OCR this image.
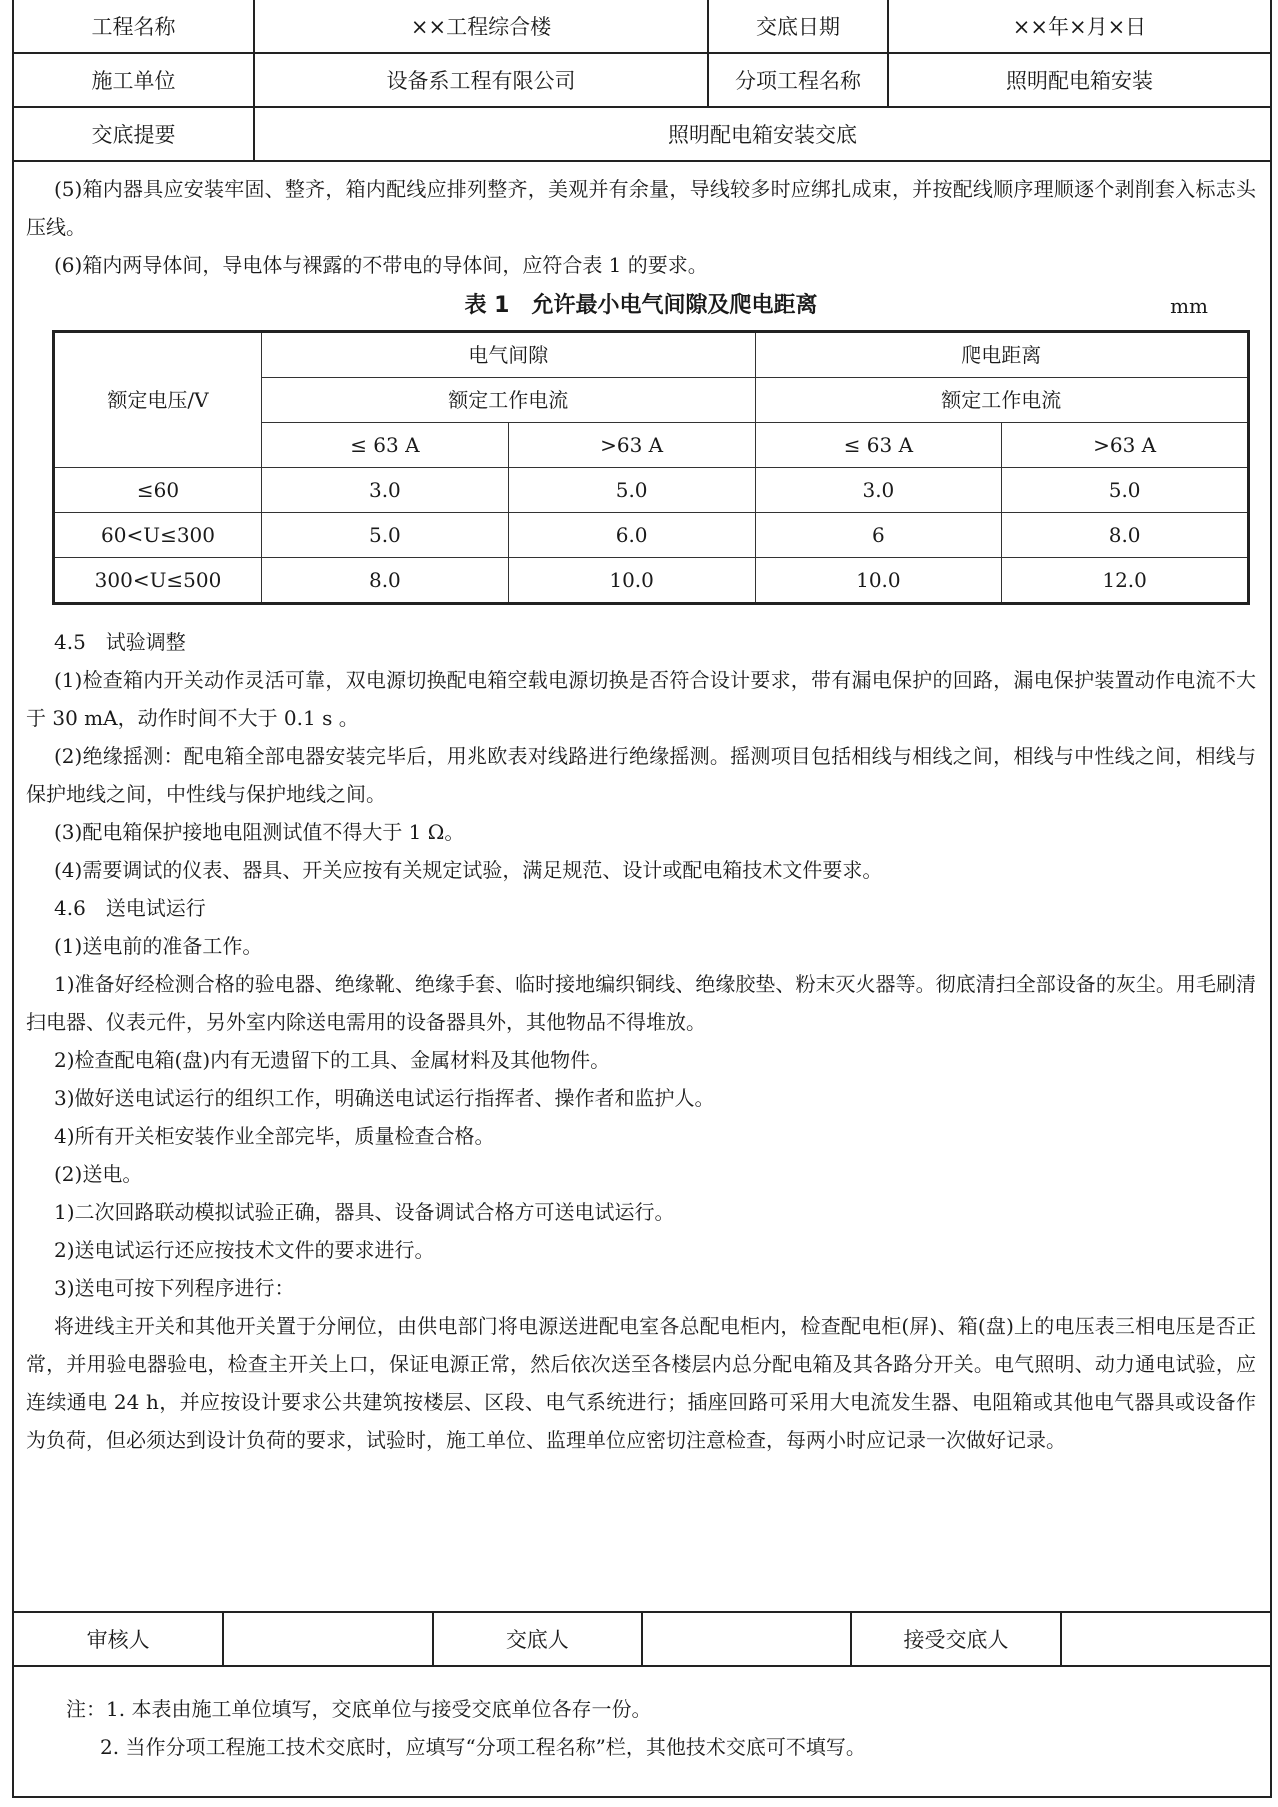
工程名称	××工程综合楼	交底日期	××年×月×日
施工单位	设备系工程有限公司	分项工程名称	照明配电箱安装
交底提要	照明配电箱安装交底		

(5)箱内器具应安装牢固、整齐，箱内配线应排列整齐，美观并有余量，导线较多时应绑扎成束，并按配线顺序理顺逐个剥削套入标志头压线。

(6)箱内两导体间，导电体与裸露的不带电的导体间，应符合表 1 的要求。

表 1　允许最小电气间隙及爬电距离	mm
额定电压/V	电气间隙		爬电距离	
	额定工作电流		额定工作电流	
	≤ 63 A	>63 A	≤ 63 A	>63 A
≤60	3.0	5.0	3.0	5.0
60<U≤300	5.0	6.0	6	8.0
300<U≤500	8.0	10.0	10.0	12.0

4.5　试验调整

(1)检查箱内开关动作灵活可靠，双电源切换配电箱空载电源切换是否符合设计要求，带有漏电保护的回路，漏电保护装置动作电流不大于 30 mA，动作时间不大于 0.1 s 。

(2)绝缘摇测：配电箱全部电器安装完毕后，用兆欧表对线路进行绝缘摇测。摇测项目包括相线与相线之间，相线与中性线之间，相线与保护地线之间，中性线与保护地线之间。

(3)配电箱保护接地电阻测试值不得大于 1 Ω。

(4)需要调试的仪表、器具、开关应按有关规定试验，满足规范、设计或配电箱技术文件要求。

4.6　送电试运行

(1)送电前的准备工作。

1)准备好经检测合格的验电器、绝缘靴、绝缘手套、临时接地编织铜线、绝缘胶垫、粉末灭火器等。彻底清扫全部设备的灰尘。用毛刷清扫电器、仪表元件，另外室内除送电需用的设备器具外，其他物品不得堆放。

2)检查配电箱(盘)内有无遗留下的工具、金属材料及其他物件。

3)做好送电试运行的组织工作，明确送电试运行指挥者、操作者和监护人。

4)所有开关柜安装作业全部完毕，质量检查合格。

(2)送电。

1)二次回路联动模拟试验正确，器具、设备调试合格方可送电试运行。

2)送电试运行还应按技术文件的要求进行。

3)送电可按下列程序进行：

将进线主开关和其他开关置于分闸位，由供电部门将电源送进配电室各总配电柜内，检查配电柜(屏)、箱(盘)上的电压表三相电压是否正常，并用验电器验电，检查主开关上口，保证电源正常，然后依次送至各楼层内总分配电箱及其各路分开关。电气照明、动力通电试验，应连续通电 24 h，并应按设计要求公共建筑按楼层、区段、电气系统进行；插座回路可采用大电流发生器、电阻箱或其他电气器具或设备作为负荷，但必须达到设计负荷的要求，试验时，施工单位、监理单位应密切注意检查，每两小时应记录一次做好记录。

审核人		交底人		接受交底人	
注：1. 本表由施工单位填写，交底单位与接受交底单位各存一份。
2. 当作分项工程施工技术交底时，应填写“分项工程名称”栏，其他技术交底可不填写。
